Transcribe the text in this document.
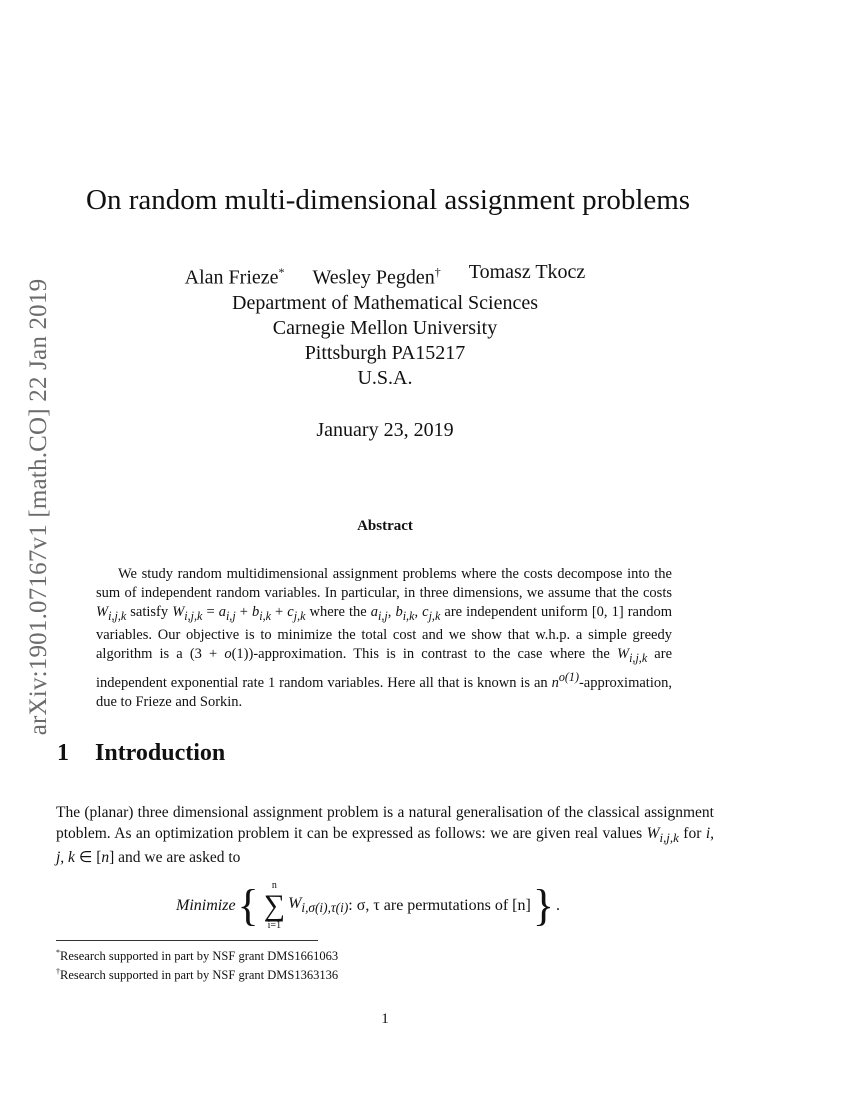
arXiv:1901.07167v1 [math.CO] 22 Jan 2019
On random multi-dimensional assignment problems
Alan Frieze* Wesley Pegden† Tomasz Tkocz
Department of Mathematical Sciences
Carnegie Mellon University
Pittsburgh PA15217
U.S.A.
January 23, 2019
Abstract

We study random multidimensional assignment problems where the costs decompose into the sum of independent random variables. In particular, in three dimensions, we assume that the costs $W_{i,j,k}$ satisfy $W_{i,j,k} = a_{i,j} + b_{i,k} + c_{j,k}$ where the $a_{i,j}$, $b_{i,k}$, $c_{j,k}$ are independent uniform [0, 1] random variables. Our objective is to minimize the total cost and we show that w.h.p. a simple greedy algorithm is a (3 + o(1))-approximation. This is in contrast to the case where the $W_{i,j,k}$ are independent exponential rate 1 random variables. Here all that is known is an $n^{o(1)}$-approximation, due to Frieze and Sorkin.

1 Introduction

The (planar) three dimensional assignment problem is a natural generalisation of the classical assignment ptoblem. As an optimization problem it can be expressed as follows: we are given real values $W_{i,j,k}$ for i, j, k ∈ [n] and we are asked to

Minimize { n
∑
i=1
$W_{i,\sigma(i),\tau(i)}$ : σ, τ are permutations of [n] } .
*Research supported in part by NSF grant DMS1661063
†Research supported in part by NSF grant DMS1363136
1
